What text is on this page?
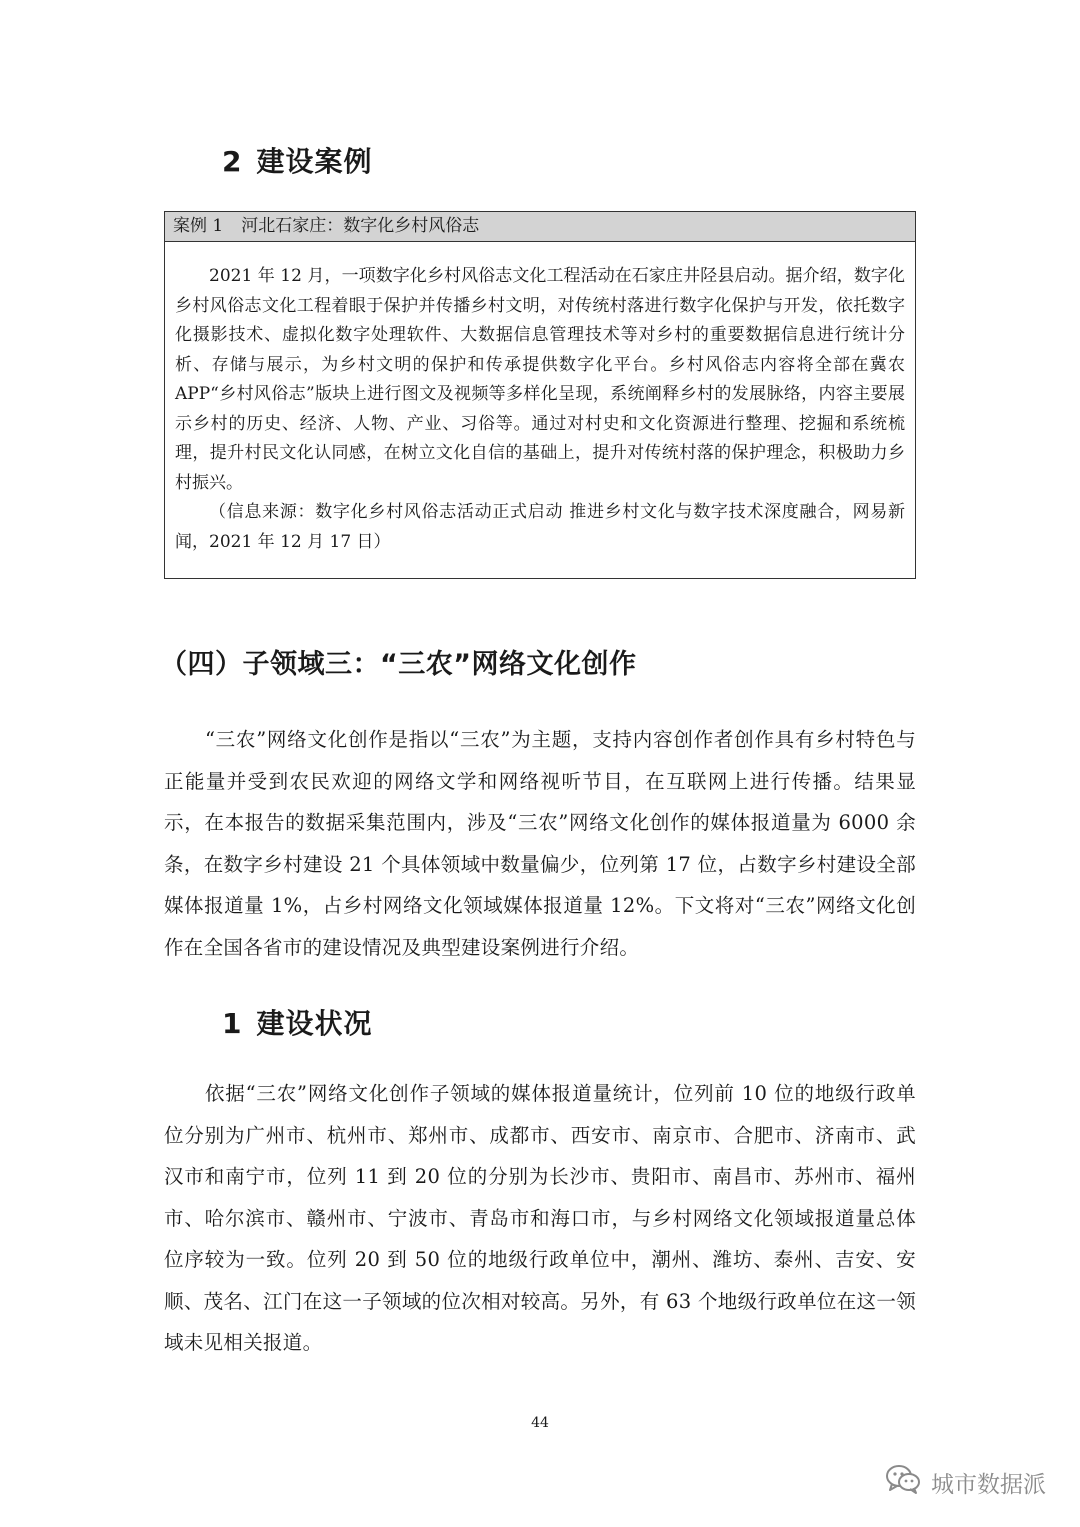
2 建设案例
案例 1 河北石家庄：数字化乡村风俗志

2021 年 12 月，一项数字化乡村风俗志文化工程活动在石家庄井陉县启动。据介绍，数字化乡村风俗志文化工程着眼于保护并传播乡村文明，对传统村落进行数字化保护与开发，依托数字化摄影技术、虚拟化数字处理软件、大数据信息管理技术等对乡村的重要数据信息进行统计分析、存储与展示，为乡村文明的保护和传承提供数字化平台。乡村风俗志内容将全部在冀农 APP“乡村风俗志”版块上进行图文及视频等多样化呈现，系统阐释乡村的发展脉络，内容主要展示乡村的历史、经济、人物、产业、习俗等。通过对村史和文化资源进行整理、挖掘和系统梳理，提升村民文化认同感，在树立文化自信的基础上，提升对传统村落的保护理念，积极助力乡村振兴。

（信息来源：数字化乡村风俗志活动正式启动 推进乡村文化与数字技术深度融合，网易新闻，2021 年 12 月 17 日）

（四）子领域三：“三农”网络文化创作

“三农”网络文化创作是指以“三农”为主题，支持内容创作者创作具有乡村特色与正能量并受到农民欢迎的网络文学和网络视听节目，在互联网上进行传播。结果显示，在本报告的数据采集范围内，涉及“三农”网络文化创作的媒体报道量为 6000 余条，在数字乡村建设 21 个具体领域中数量偏少，位列第 17 位，占数字乡村建设全部媒体报道量 1%，占乡村网络文化领域媒体报道量 12%。下文将对“三农”网络文化创作在全国各省市的建设情况及典型建设案例进行介绍。

1 建设状况

依据“三农”网络文化创作子领域的媒体报道量统计，位列前 10 位的地级行政单位分别为广州市、杭州市、郑州市、成都市、西安市、南京市、合肥市、济南市、武汉市和南宁市，位列 11 到 20 位的分别为长沙市、贵阳市、南昌市、苏州市、福州市、哈尔滨市、赣州市、宁波市、青岛市和海口市，与乡村网络文化领域报道量总体位序较为一致。位列 20 到 50 位的地级行政单位中，潮州、潍坊、泰州、吉安、安顺、茂名、江门在这一子领域的位次相对较高。另外，有 63 个地级行政单位在这一领域未见相关报道。

44
城市数据派
